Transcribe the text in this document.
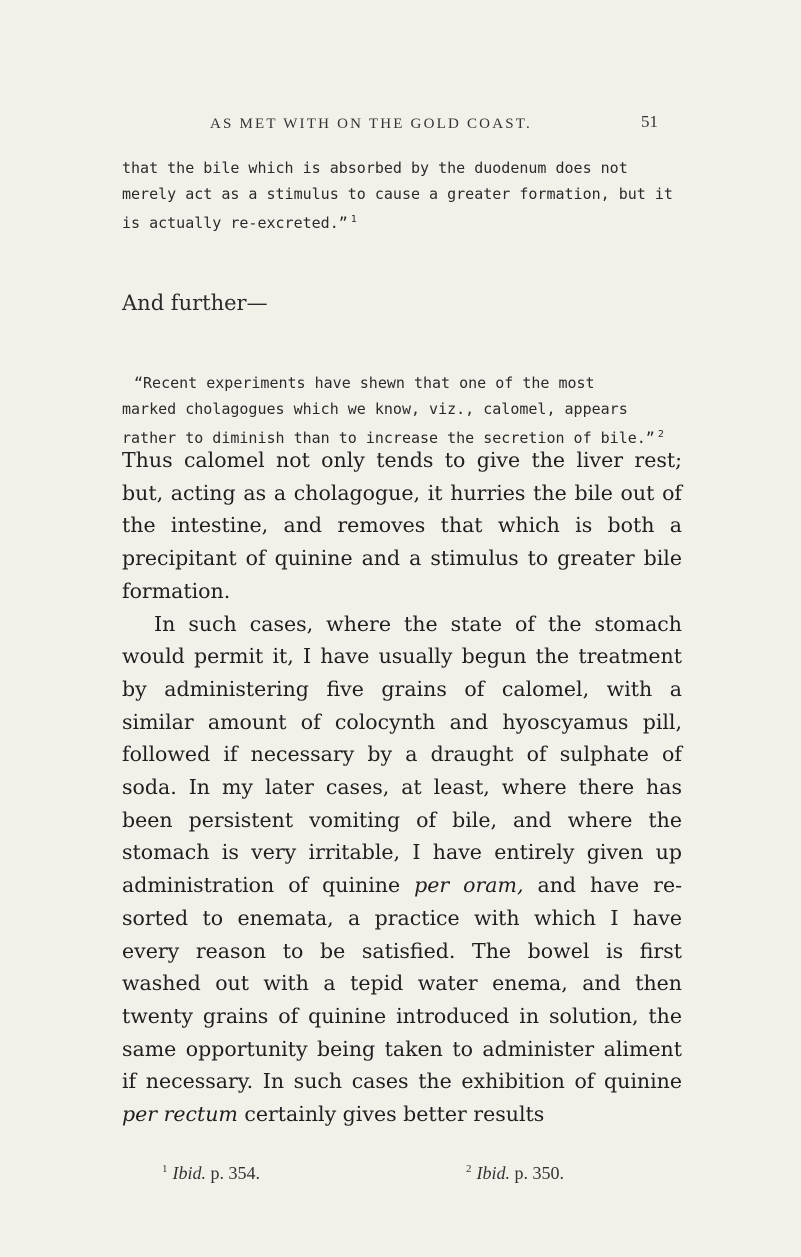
AS MET WITH ON THE GOLD COAST.	51
that the bile which is absorbed by the duodenum does not
merely act as a stimulus to cause a greater formation, but it
is actually re-excreted.” $^1$
And further—
“Recent experiments have shewn that one of the most
marked cholagogues which we know, viz., calomel, appears
rather to diminish than to increase the secretion of bile.” $^2$

Thus calomel not only tends to give the liver rest; but, acting as a cholagogue, it hurries the bile out of the intestine, and removes that which is both a precipitant of quinine and a stimulus to greater bile formation.

In such cases, where the state of the stomach would permit it, I have usually begun the treatment by administering five grains of calomel, with a similar amount of colocynth and hyoscyamus pill, followed if necessary by a draught of sulphate of soda. In my later cases, at least, where there has been persistent vomiting of bile, and where the stomach is very irritable, I have entirely given up administration of quinine per oram, and have re-sorted to enemata, a practice with which I have every reason to be satisfied. The bowel is first washed out with a tepid water enema, and then twenty grains of quinine introduced in solution, the same opportunity being taken to administer aliment if necessary. In such cases the exhibition of quinine per rectum certainly gives better results

$^1$ Ibid. p. 354.	$^2$ Ibid. p. 350.
